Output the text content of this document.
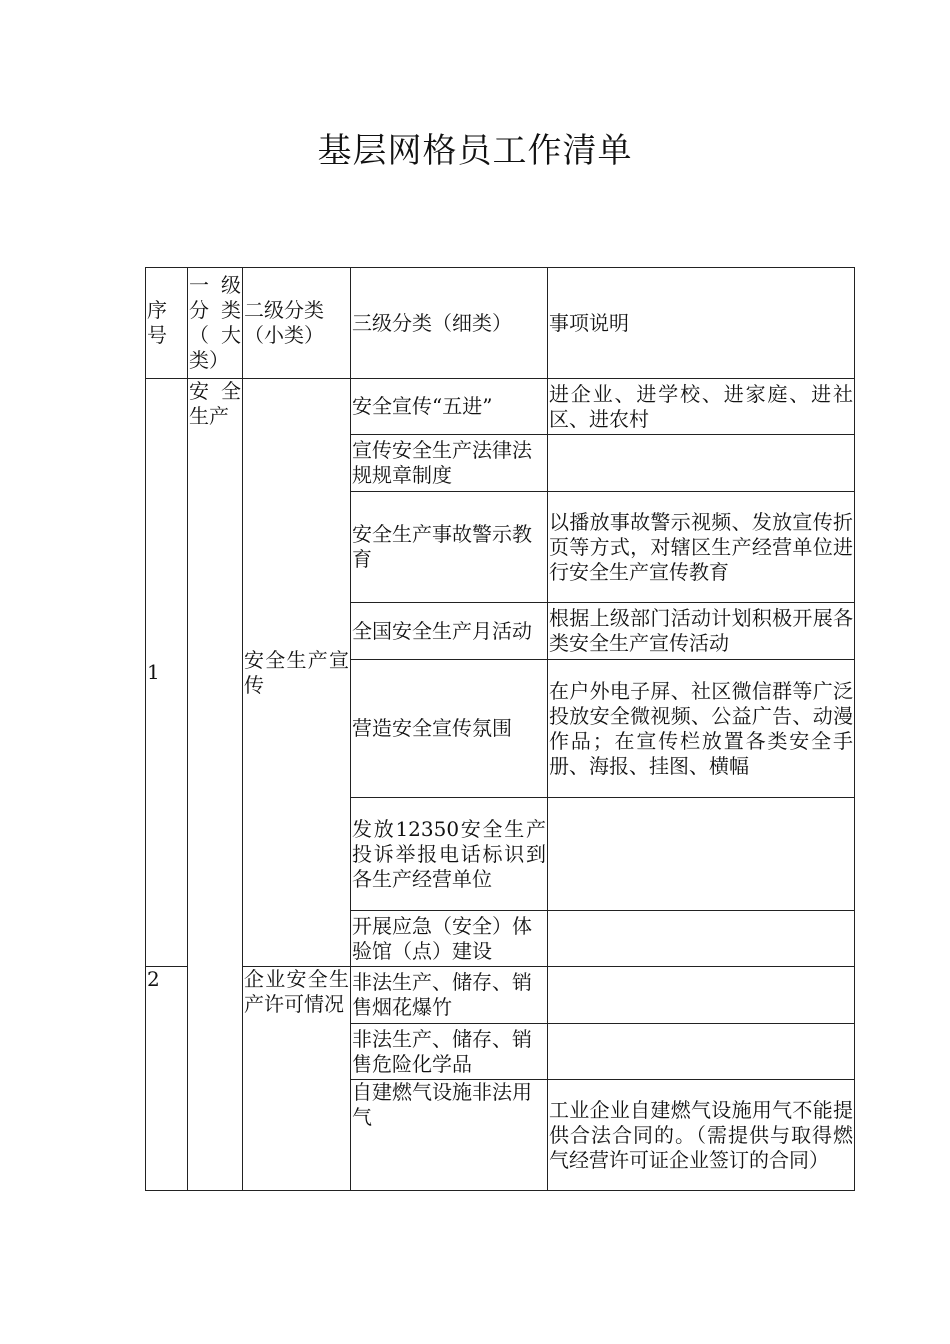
基层网格员工作清单
序号	一级分类（大类）	二级分类（小类）	三级分类（细类）	事项说明
1	安全生产	安全生产宣传	安全宣传“五进”	进企业、进学校、进家庭、进社区、进农村
			宣传安全生产法律法规规章制度	
			安全生产事故警示教育	以播放事故警示视频、发放宣传折页等方式，对辖区生产经营单位进行安全生产宣传教育
			全国安全生产月活动	根据上级部门活动计划积极开展各类安全生产宣传活动
			营造安全宣传氛围	在户外电子屏、社区微信群等广泛投放安全微视频、公益广告、动漫作品；在宣传栏放置各类安全手册、海报、挂图、横幅
			发放12350安全生产投诉举报电话标识到各生产经营单位	
			开展应急（安全）体验馆（点）建设	
2		企业安全生产许可情况	非法生产、储存、销售烟花爆竹	
			非法生产、储存、销售危险化学品	
			自建燃气设施非法用气	工业企业自建燃气设施用气不能提供合法合同的。（需提供与取得燃气经营许可证企业签订的合同）
